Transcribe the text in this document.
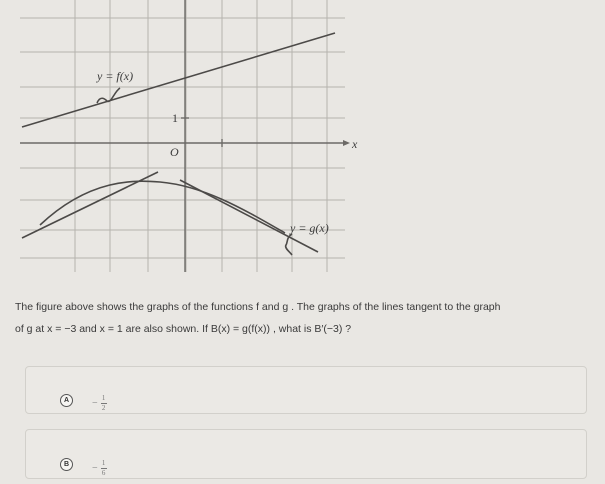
y = f(x)
y = g(x)
1
O
x
The figure above shows the graphs of the functions f and g . The graphs of the lines tangent to the graph
of g at x = −3 and x = 1 are also shown. If B(x) = g(f(x)) , what is B′(−3) ?
A	− 1
2
B	− 1
6
